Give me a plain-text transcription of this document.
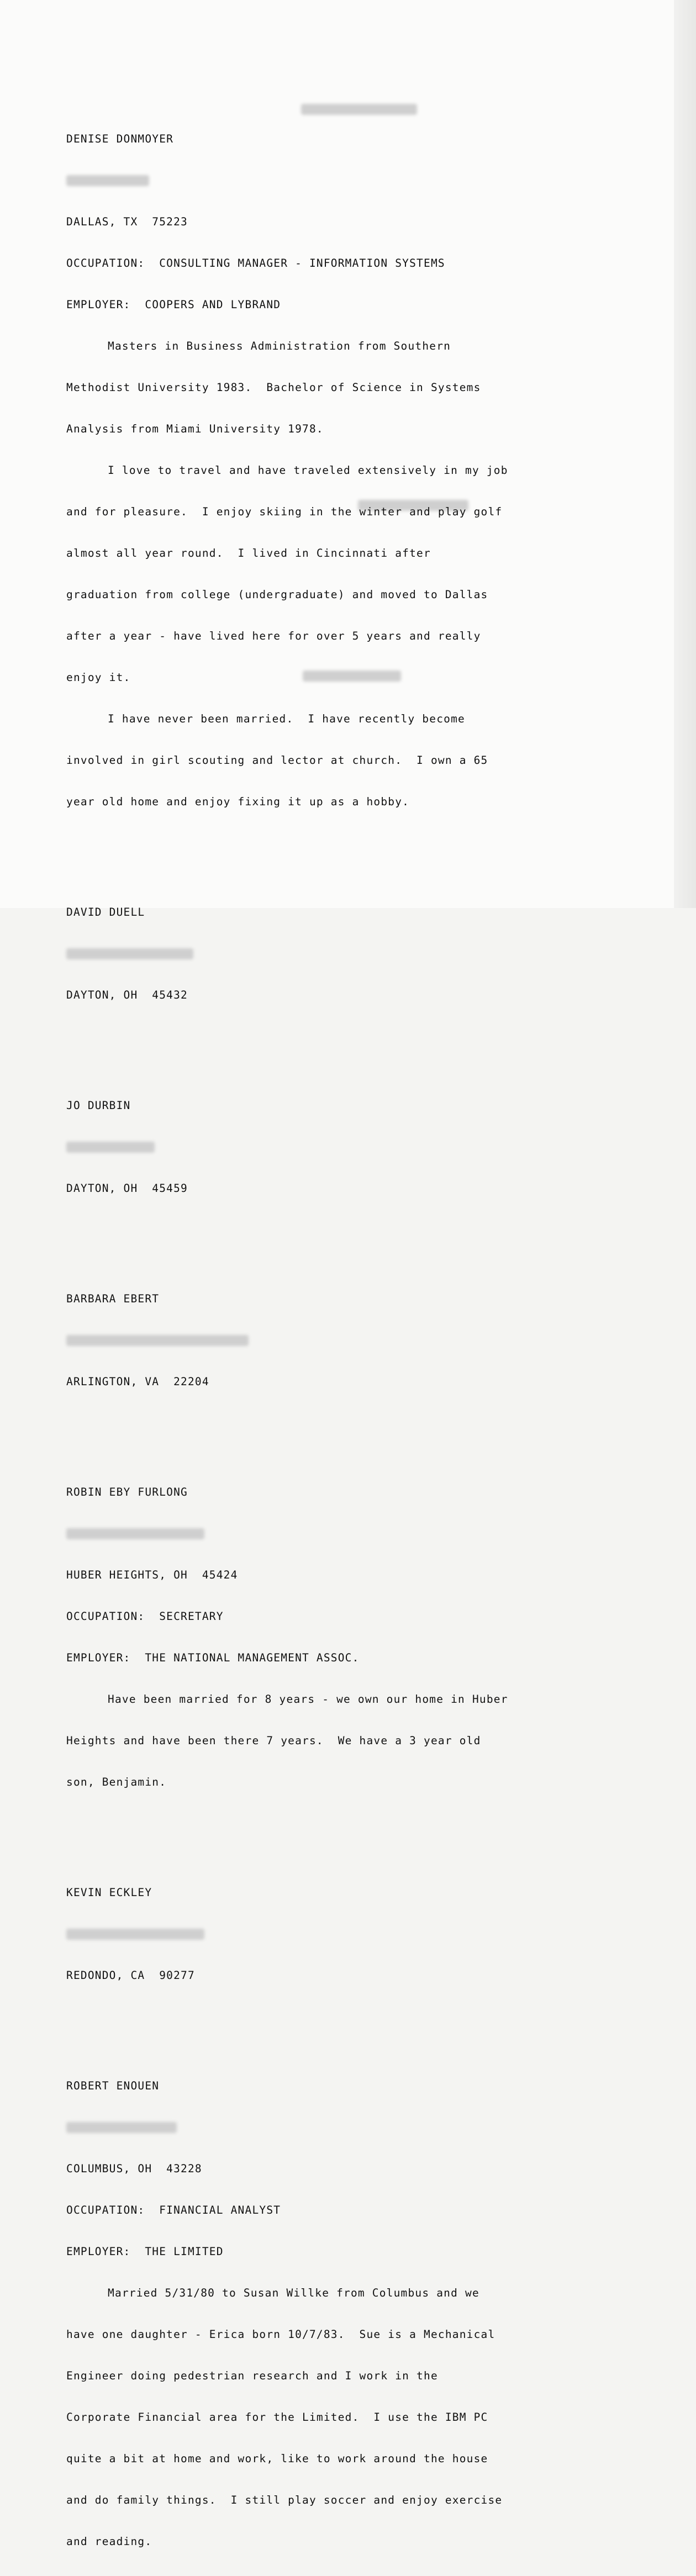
DENISE DONMOYER

DALLAS, TX  75223

OCCUPATION:  CONSULTING MANAGER - INFORMATION SYSTEMS

EMPLOYER:  COOPERS AND LYBRAND

Masters in Business Administration from Southern

Methodist University 1983.  Bachelor of Science in Systems

Analysis from Miami University 1978.

I love to travel and have traveled extensively in my job

and for pleasure.  I enjoy skiing in the winter and play golf

almost all year round.  I lived in Cincinnati after

graduation from college (undergraduate) and moved to Dallas

after a year - have lived here for over 5 years and really

enjoy it.

I have never been married.  I have recently become

involved in girl scouting and lector at church.  I own a 65

year old home and enjoy fixing it up as a hobby.

DAVID DUELL

DAYTON, OH  45432

JO DURBIN

DAYTON, OH  45459

BARBARA EBERT

ARLINGTON, VA  22204

ROBIN EBY FURLONG

HUBER HEIGHTS, OH  45424

OCCUPATION:  SECRETARY

EMPLOYER:  THE NATIONAL MANAGEMENT ASSOC.

Have been married for 8 years - we own our home in Huber

Heights and have been there 7 years.  We have a 3 year old

son, Benjamin.

KEVIN ECKLEY

REDONDO, CA  90277

ROBERT ENOUEN

COLUMBUS, OH  43228

OCCUPATION:  FINANCIAL ANALYST

EMPLOYER:  THE LIMITED

Married 5/31/80 to Susan Willke from Columbus and we

have one daughter - Erica born 10/7/83.  Sue is a Mechanical

Engineer doing pedestrian research and I work in the

Corporate Financial area for the Limited.  I use the IBM PC

quite a bit at home and work, like to work around the house

and do family things.  I still play soccer and enjoy exercise

and reading.
